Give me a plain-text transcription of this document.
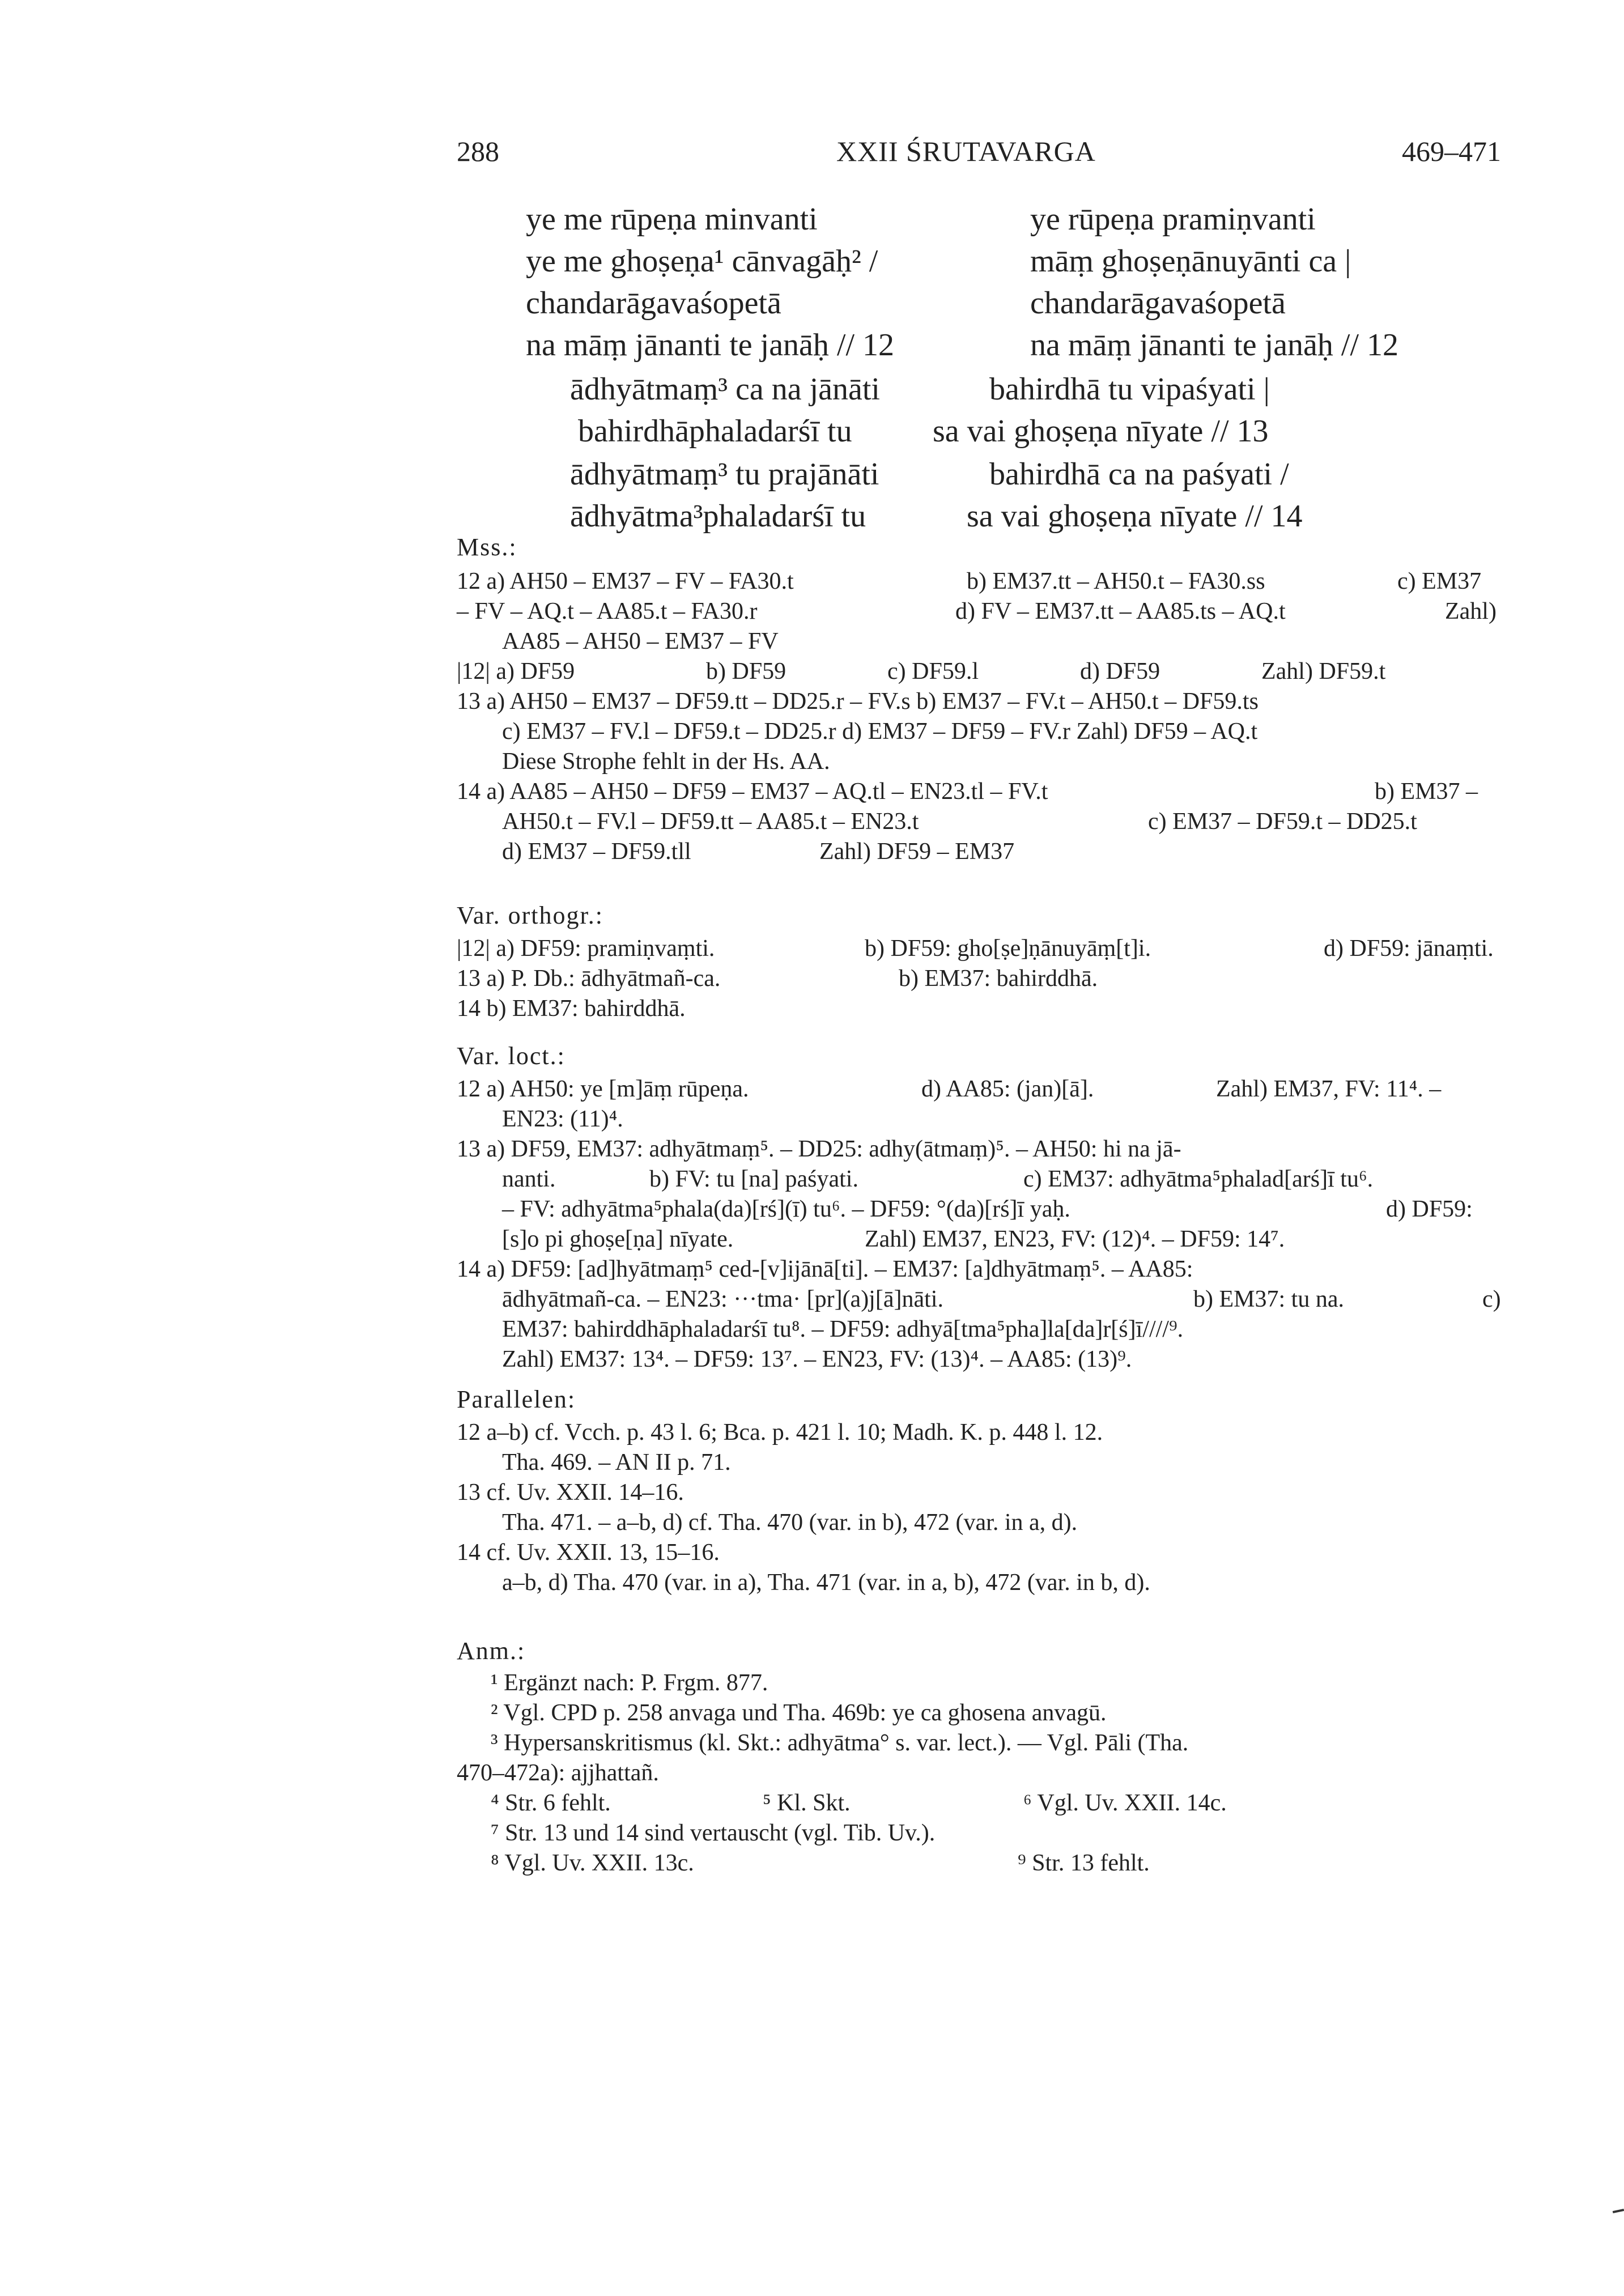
288	XXII ŚRUTAVARGA	469–471
ye me rūpeṇa minvanti	ye rūpeṇa pramiṇvanti
ye me ghoṣeṇa¹ cānvagāḥ² /	māṃ ghoṣeṇānuyānti ca |
chandarāgavaśopetā	chandarāgavaśopetā
na māṃ jānanti te janāḥ // 12	na māṃ jānanti te janāḥ // 12
ādhyātmaṃ³ ca na jānāti	bahirdhā tu vipaśyati |
bahirdhāphaladarśī tu	sa vai ghoṣeṇa nīyate // 13
ādhyātmaṃ³ tu prajānāti	bahirdhā ca na paśyati /
ādhyātma³phaladarśī tu	sa vai ghoṣeṇa nīyate // 14
Mss.:
12 a) AH50 – EM37 – FV – FA30.t	b) EM37.tt – AH50.t – FA30.ss	c) EM37
– FV – AQ.t – AA85.t – FA30.r	d) FV – EM37.tt – AA85.ts – AQ.t	Zahl)
AA85 – AH50 – EM37 – FV
|12| a) DF59	b) DF59	c) DF59.l	d) DF59	Zahl) DF59.t
13 a) AH50 – EM37 – DF59.tt – DD25.r – FV.s b) EM37 – FV.t – AH50.t – DF59.ts
c) EM37 – FV.l – DF59.t – DD25.r d) EM37 – DF59 – FV.r Zahl) DF59 – AQ.t
Diese Strophe fehlt in der Hs. AA.
14 a) AA85 – AH50 – DF59 – EM37 – AQ.tl – EN23.tl – FV.t	b) EM37 –
AH50.t – FV.l – DF59.tt – AA85.t – EN23.t	c) EM37 – DF59.t – DD25.t
d) EM37 – DF59.tll	Zahl) DF59 – EM37
Var. orthogr.:
|12| a) DF59: pramiṇvaṃti.	b) DF59: gho[ṣe]ṇānuyāṃ[t]i.	d) DF59: jānaṃti.
13 a) P. Db.: ādhyātmañ-ca.	b) EM37: bahirddhā.
14 b) EM37: bahirddhā.
Var. loct.:
12 a) AH50: ye [m]āṃ rūpeṇa.	d) AA85: (jan)[ā].	Zahl) EM37, FV: 11⁴. –
EN23: (11)⁴.
13 a) DF59, EM37: adhyātmaṃ⁵. – DD25: adhy(ātmaṃ)⁵. – AH50: hi na jā-
nanti.	b) FV: tu [na] paśyati.	c) EM37: adhyātma⁵phalad[arś]ī tu⁶.
– FV: adhyātma⁵phala(da)[rś](ī) tu⁶. – DF59: °(da)[rś]ī yaḥ.	d) DF59:
[s]o pi ghoṣe[ṇa] nīyate.	Zahl) EM37, EN23, FV: (12)⁴. – DF59: 14⁷.
14 a) DF59: [ad]hyātmaṃ⁵ ced-[v]ijānā[ti]. – EM37: [a]dhyātmaṃ⁵. – AA85:
ādhyātmañ-ca. – EN23: ···tma· [pr](a)j[ā]nāti.	b) EM37: tu na.	c)
EM37: bahirddhāphaladarśī tu⁸. – DF59: adhyā[tma⁵pha]la[da]r[ś]ī////⁹.
Zahl) EM37: 13⁴. – DF59: 13⁷. – EN23, FV: (13)⁴. – AA85: (13)⁹.
Parallelen:
12 a–b) cf. Vcch. p. 43 l. 6; Bca. p. 421 l. 10; Madh. K. p. 448 l. 12.
Tha. 469. – AN II p. 71.
13 cf. Uv. XXII. 14–16.
Tha. 471. – a–b, d) cf. Tha. 470 (var. in b), 472 (var. in a, d).
14 cf. Uv. XXII. 13, 15–16.
a–b, d) Tha. 470 (var. in a), Tha. 471 (var. in a, b), 472 (var. in b, d).
Anm.:
¹ Ergänzt nach: P. Frgm. 877.
² Vgl. CPD p. 258 anvaga und Tha. 469b: ye ca ghosena anvagū.
³ Hypersanskritismus (kl. Skt.: adhyātma° s. var. lect.). — Vgl. Pāli (Tha.
470–472a): ajjhattañ.
⁴ Str. 6 fehlt.	⁵ Kl. Skt.	⁶ Vgl. Uv. XXII. 14c.
⁷ Str. 13 und 14 sind vertauscht (vgl. Tib. Uv.).
⁸ Vgl. Uv. XXII. 13c.	⁹ Str. 13 fehlt.
